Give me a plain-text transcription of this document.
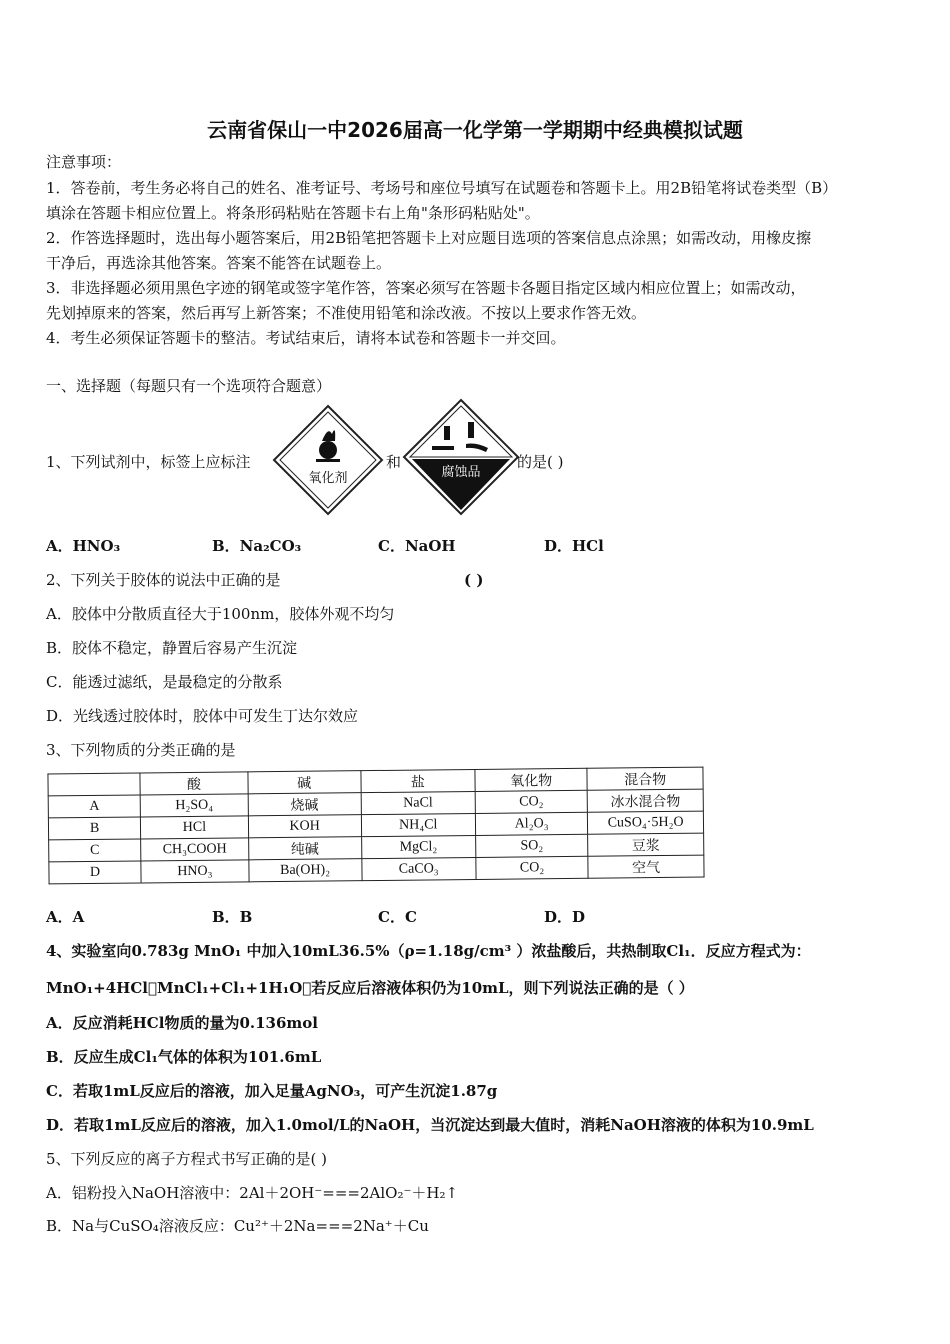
云南省保山一中2026届高一化学第一学期期中经典模拟试题
注意事项：
1．答卷前，考生务必将自己的姓名、准考证号、考场号和座位号填写在试题卷和答题卡上。用2B铅笔将试卷类型（B）
填涂在答题卡相应位置上。将条形码粘贴在答题卡右上角"条形码粘贴处"。
2．作答选择题时，选出每小题答案后，用2B铅笔把答题卡上对应题目选项的答案信息点涂黑；如需改动，用橡皮擦
干净后，再选涂其他答案。答案不能答在试题卷上。
3．非选择题必须用黑色字迹的钢笔或签字笔作答，答案必须写在答题卡各题目指定区域内相应位置上；如需改动，
先划掉原来的答案，然后再写上新答案；不准使用铅笔和涂改液。不按以上要求作答无效。
4．考生必须保证答题卡的整洁。考试结束后，请将本试卷和答题卡一并交回。
一、选择题（每题只有一个选项符合题意）
1、下列试剂中，标签上应标注
氧化剂
和
腐蚀品
的是( )
A．HNO₃	B．Na₂CO₃	C．NaOH	D．HCl
2、下列关于胶体的说法中正确的是	( )
A．胶体中分散质直径大于100nm，胶体外观不均匀
B．胶体不稳定，静置后容易产生沉淀
C．能透过滤纸，是最稳定的分散系
D．光线透过胶体时，胶体中可发生丁达尔效应
3、下列物质的分类正确的是
	酸	碱	盐	氧化物	混合物
A	H₂SO₄	烧碱	NaCl	CO₂	冰水混合物
B	HCl	KOH	NH₄Cl	Al₂O₃	CuSO₄·5H₂O
C	CH₃COOH	纯碱	MgCl₂	SO₂	豆浆
D	HNO₃	Ba(OH)₂	CaCO₃	CO₂	空气
A．A	B．B	C．C	D．D
4、实验室向0.783g MnO₁ 中加入10mL36.5%（ρ=1.18g/cm³ ）浓盐酸后，共热制取Cl₁．反应方程式为：
MnO₁+4HCl⃞MnCl₁+Cl₁+1H₁O，若反应后溶液体积仍为10mL，则下列说法正确的是（ ）
A．反应消耗HCl物质的量为0.136mol
B．反应生成Cl₁气体的体积为101.6mL
C．若取1mL反应后的溶液，加入足量AgNO₃，可产生沉淀1.87g
D．若取1mL反应后的溶液，加入1.0mol/L的NaOH，当沉淀达到最大值时，消耗NaOH溶液的体积为10.9mL
5、下列反应的离子方程式书写正确的是( )
A．铝粉投入NaOH溶液中：2Al＋2OH⁻===2AlO₂⁻＋H₂↑
B．Na与CuSO₄溶液反应：Cu²⁺＋2Na===2Na⁺＋Cu
